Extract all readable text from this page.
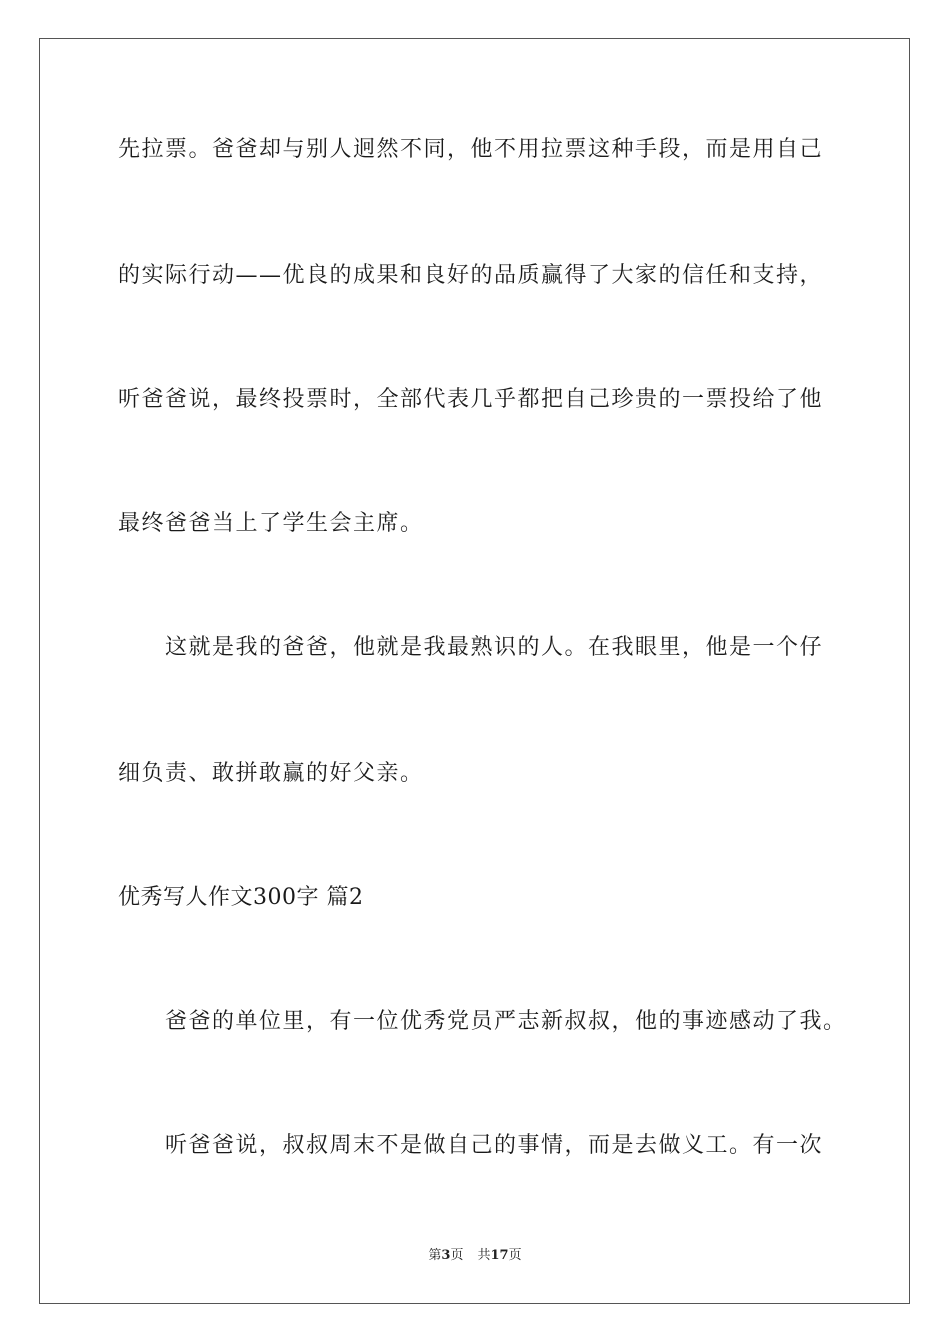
先拉票。爸爸却与别人迥然不同，他不用拉票这种手段，而是用自己
的实际行动——优良的成果和良好的品质赢得了大家的信任和支持，
听爸爸说，最终投票时，全部代表几乎都把自己珍贵的一票投给了他
最终爸爸当上了学生会主席。
这就是我的爸爸，他就是我最熟识的人。在我眼里，他是一个仔
细负责、敢拼敢赢的好父亲。
优秀写人作文300字 篇2
爸爸的单位里，有一位优秀党员严志新叔叔，他的事迹感动了我。
听爸爸说，叔叔周末不是做自己的事情，而是去做义工。有一次
第3页 共17页
